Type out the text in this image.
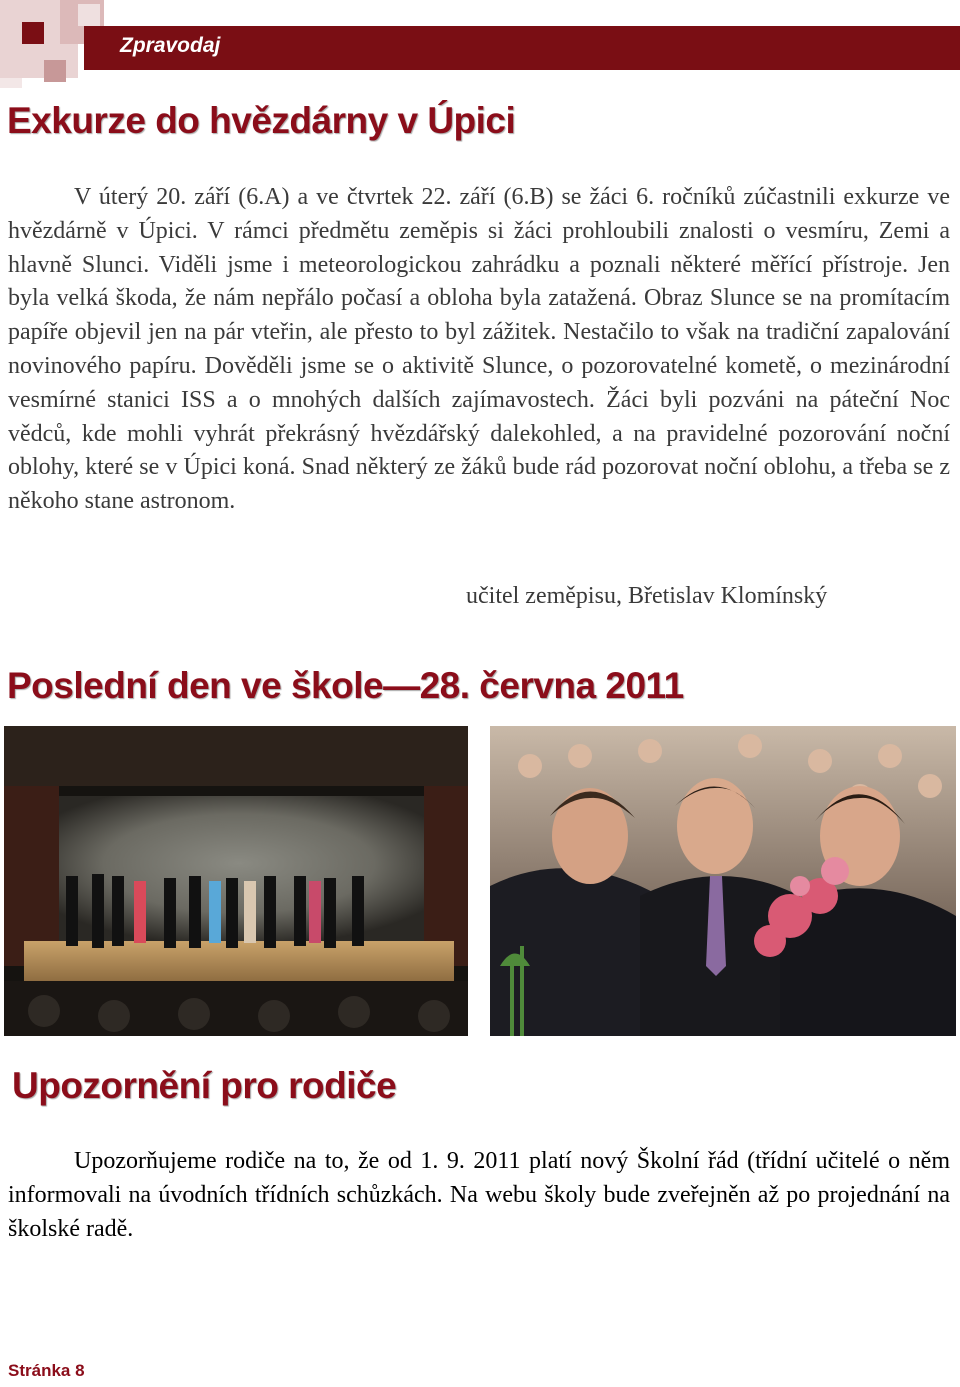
Zpravodaj
Exkurze do hvězdárny v Úpici
V úterý 20. září (6.A) a ve čtvrtek 22. září (6.B) se žáci 6. ročníků zúčastnili exkurze ve hvězdárně v Úpici. V rámci předmětu zeměpis si žáci prohloubili znalosti o vesmíru, Zemi a hlavně Slunci. Viděli jsme i meteorologickou zahrádku a poznali některé měřící přístroje. Jen byla velká škoda, že nám nepřálo počasí a obloha byla zatažená. Obraz Slunce se na promítacím papíře objevil jen na pár vteřin, ale přesto to byl zážitek. Nestačilo to však na tradiční zapalování novinového papíru. Dověděli jsme se o aktivitě Slunce, o pozorovatelné kometě, o mezinárodní vesmírné stanici ISS a o mnohých dalších zajímavostech. Žáci byli pozváni na páteční Noc vědců, kde mohli vyhrát překrásný hvězdářský dalekohled, a na pravidelné pozorování noční oblohy, které se v Úpici koná. Snad některý ze žáků bude rád pozorovat noční oblohu, a třeba se z někoho stane astronom.
učitel zeměpisu, Břetislav Klomínský
Poslední den ve škole—28. června 2011
Upozornění pro rodiče
Upozorňujeme rodiče na to, že od 1. 9. 2011 platí nový Školní řád (třídní učitelé o něm informovali na úvodních třídních schůzkách. Na webu školy bude zveřejněn až po projednání na školské radě.
Stránka 8
